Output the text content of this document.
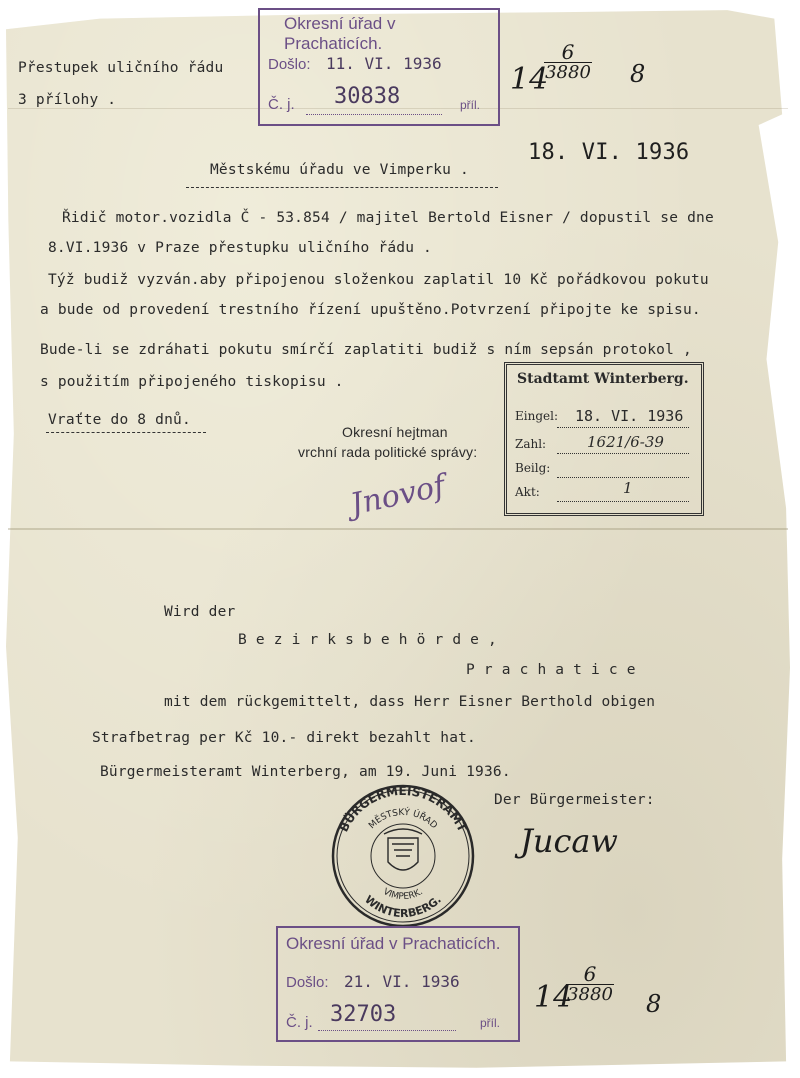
Přestupek uličního řádu
3 přílohy .
Okresní úřad v Prachaticích.
Došlo: 11. VI. 1936
Č. j. 30838	příl.
14
$\frac{6}{3880} 8$
18. VI. 1936
Městskému úřadu ve Vimperku .
Řidič motor.vozidla Č - 53.854 / majitel Bertold Eisner / dopustil se dne
8.VI.1936 v Praze přestupku uličního řádu .
Týž budiž vyzván.aby připojenou složenkou zaplatil 10 Kč pořádkovou pokutu
a bude od provedení trestního řízení upuštěno.Potvrzení připojte ke spisu.
Bude-li se zdráhati pokutu smírčí zaplatiti budiž s ním sepsán protokol ,
s použitím připojeného tiskopisu .
Vraťte do 8 dnů.
Okresní hejtman
vrchní rada politické správy:
Jnovof
Stadtamt Winterberg.
Eingel: 18. VI. 1936
Zahl:	1621/6-39
Beilg:
Akt:	1
Wird der
B e z i r k s b e h ö r d e ,
P r a c h a t i c e
mit dem rückgemittelt, dass Herr Eisner Berthold obigen
Strafbetrag per Kč 10.- direkt bezahlt hat.
Bürgermeisteramt Winterberg, am 19. Juni 1936.
Der Bürgermeister:
Jucaw
BÜRGERMEISTERAMT
WINTERBERG.
MĚSTSKÝ ÚŘAD
VIMPERK.
Okresní úřad v Prachaticích.
Došlo: 21. VI. 1936
Č. j. 32703	příl.
14
$\frac{6}{3880} 8$
